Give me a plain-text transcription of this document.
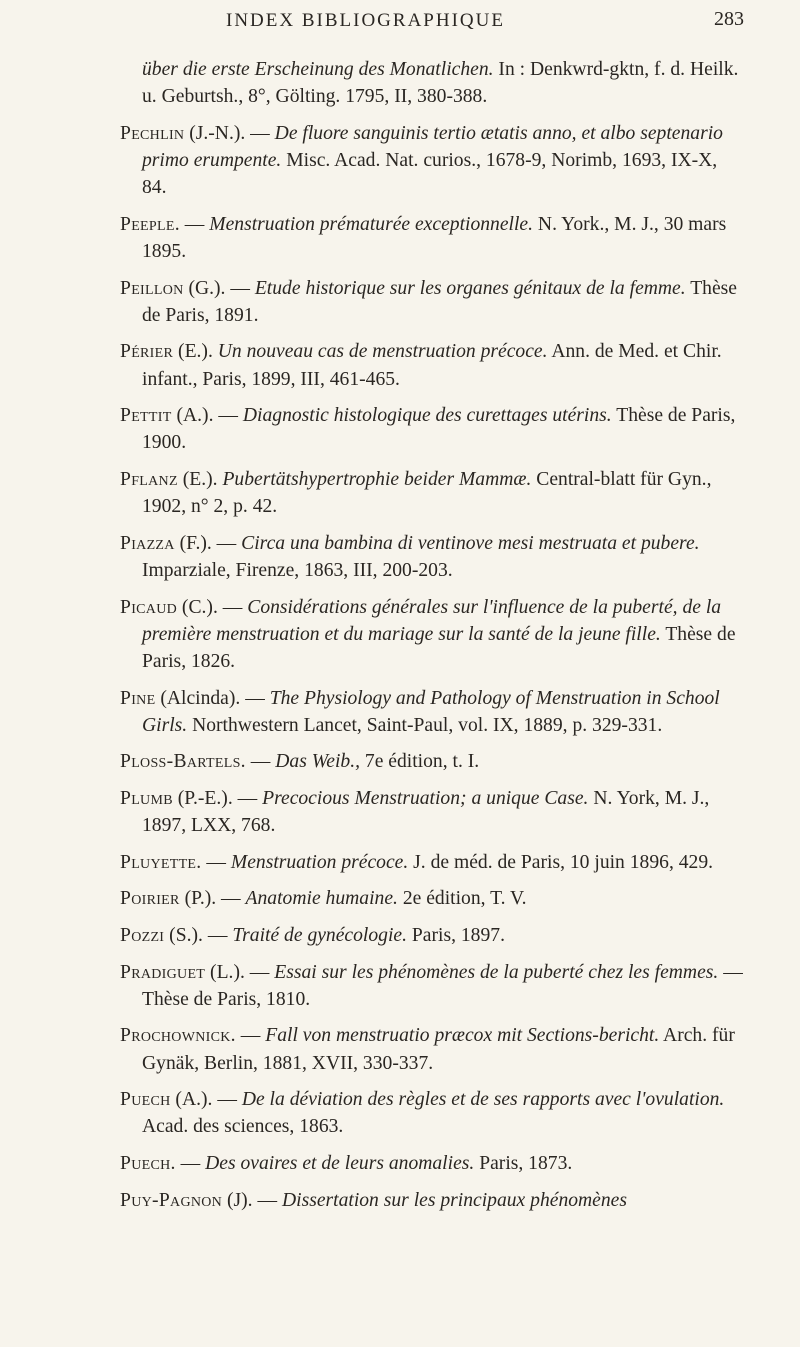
INDEX BIBLIOGRAPHIQUE	283

über die erste Erscheinung des Monatlichen. In : Denkwrd-gktn, f. d. Heilk. u. Geburtsh., 8°, Gölting. 1795, II, 380-388.

Pechlin (J.-N.). — De fluore sanguinis tertio ætatis anno, et albo septenario primo erumpente. Misc. Acad. Nat. curios., 1678-9, Norimb, 1693, IX-X, 84.

Peeple. — Menstruation prématurée exceptionnelle. N. York., M. J., 30 mars 1895.

Peillon (G.). — Etude historique sur les organes génitaux de la femme. Thèse de Paris, 1891.

Périer (E.). Un nouveau cas de menstruation précoce. Ann. de Med. et Chir. infant., Paris, 1899, III, 461-465.

Pettit (A.). — Diagnostic histologique des curettages utérins. Thèse de Paris, 1900.

Pflanz (E.). Pubertätshypertrophie beider Mammæ. Central-blatt für Gyn., 1902, n° 2, p. 42.

Piazza (F.). — Circa una bambina di ventinove mesi mestruata et pubere. Imparziale, Firenze, 1863, III, 200-203.

Picaud (C.). — Considérations générales sur l'influence de la puberté, de la première menstruation et du mariage sur la santé de la jeune fille. Thèse de Paris, 1826.

Pine (Alcinda). — The Physiology and Pathology of Menstruation in School Girls. Northwestern Lancet, Saint-Paul, vol. IX, 1889, p. 329-331.

Ploss-Bartels. — Das Weib., 7e édition, t. I.

Plumb (P.-E.). — Precocious Menstruation; a unique Case. N. York, M. J., 1897, LXX, 768.

Pluyette. — Menstruation précoce. J. de méd. de Paris, 10 juin 1896, 429.

Poirier (P.). — Anatomie humaine. 2e édition, T. V.

Pozzi (S.). — Traité de gynécologie. Paris, 1897.

Pradiguet (L.). — Essai sur les phénomènes de la puberté chez les femmes. — Thèse de Paris, 1810.

Prochownick. — Fall von menstruatio præcox mit Sections-bericht. Arch. für Gynäk, Berlin, 1881, XVII, 330-337.

Puech (A.). — De la déviation des règles et de ses rapports avec l'ovulation. Acad. des sciences, 1863.

Puech. — Des ovaires et de leurs anomalies. Paris, 1873.

Puy-Pagnon (J). — Dissertation sur les principaux phénomènes
